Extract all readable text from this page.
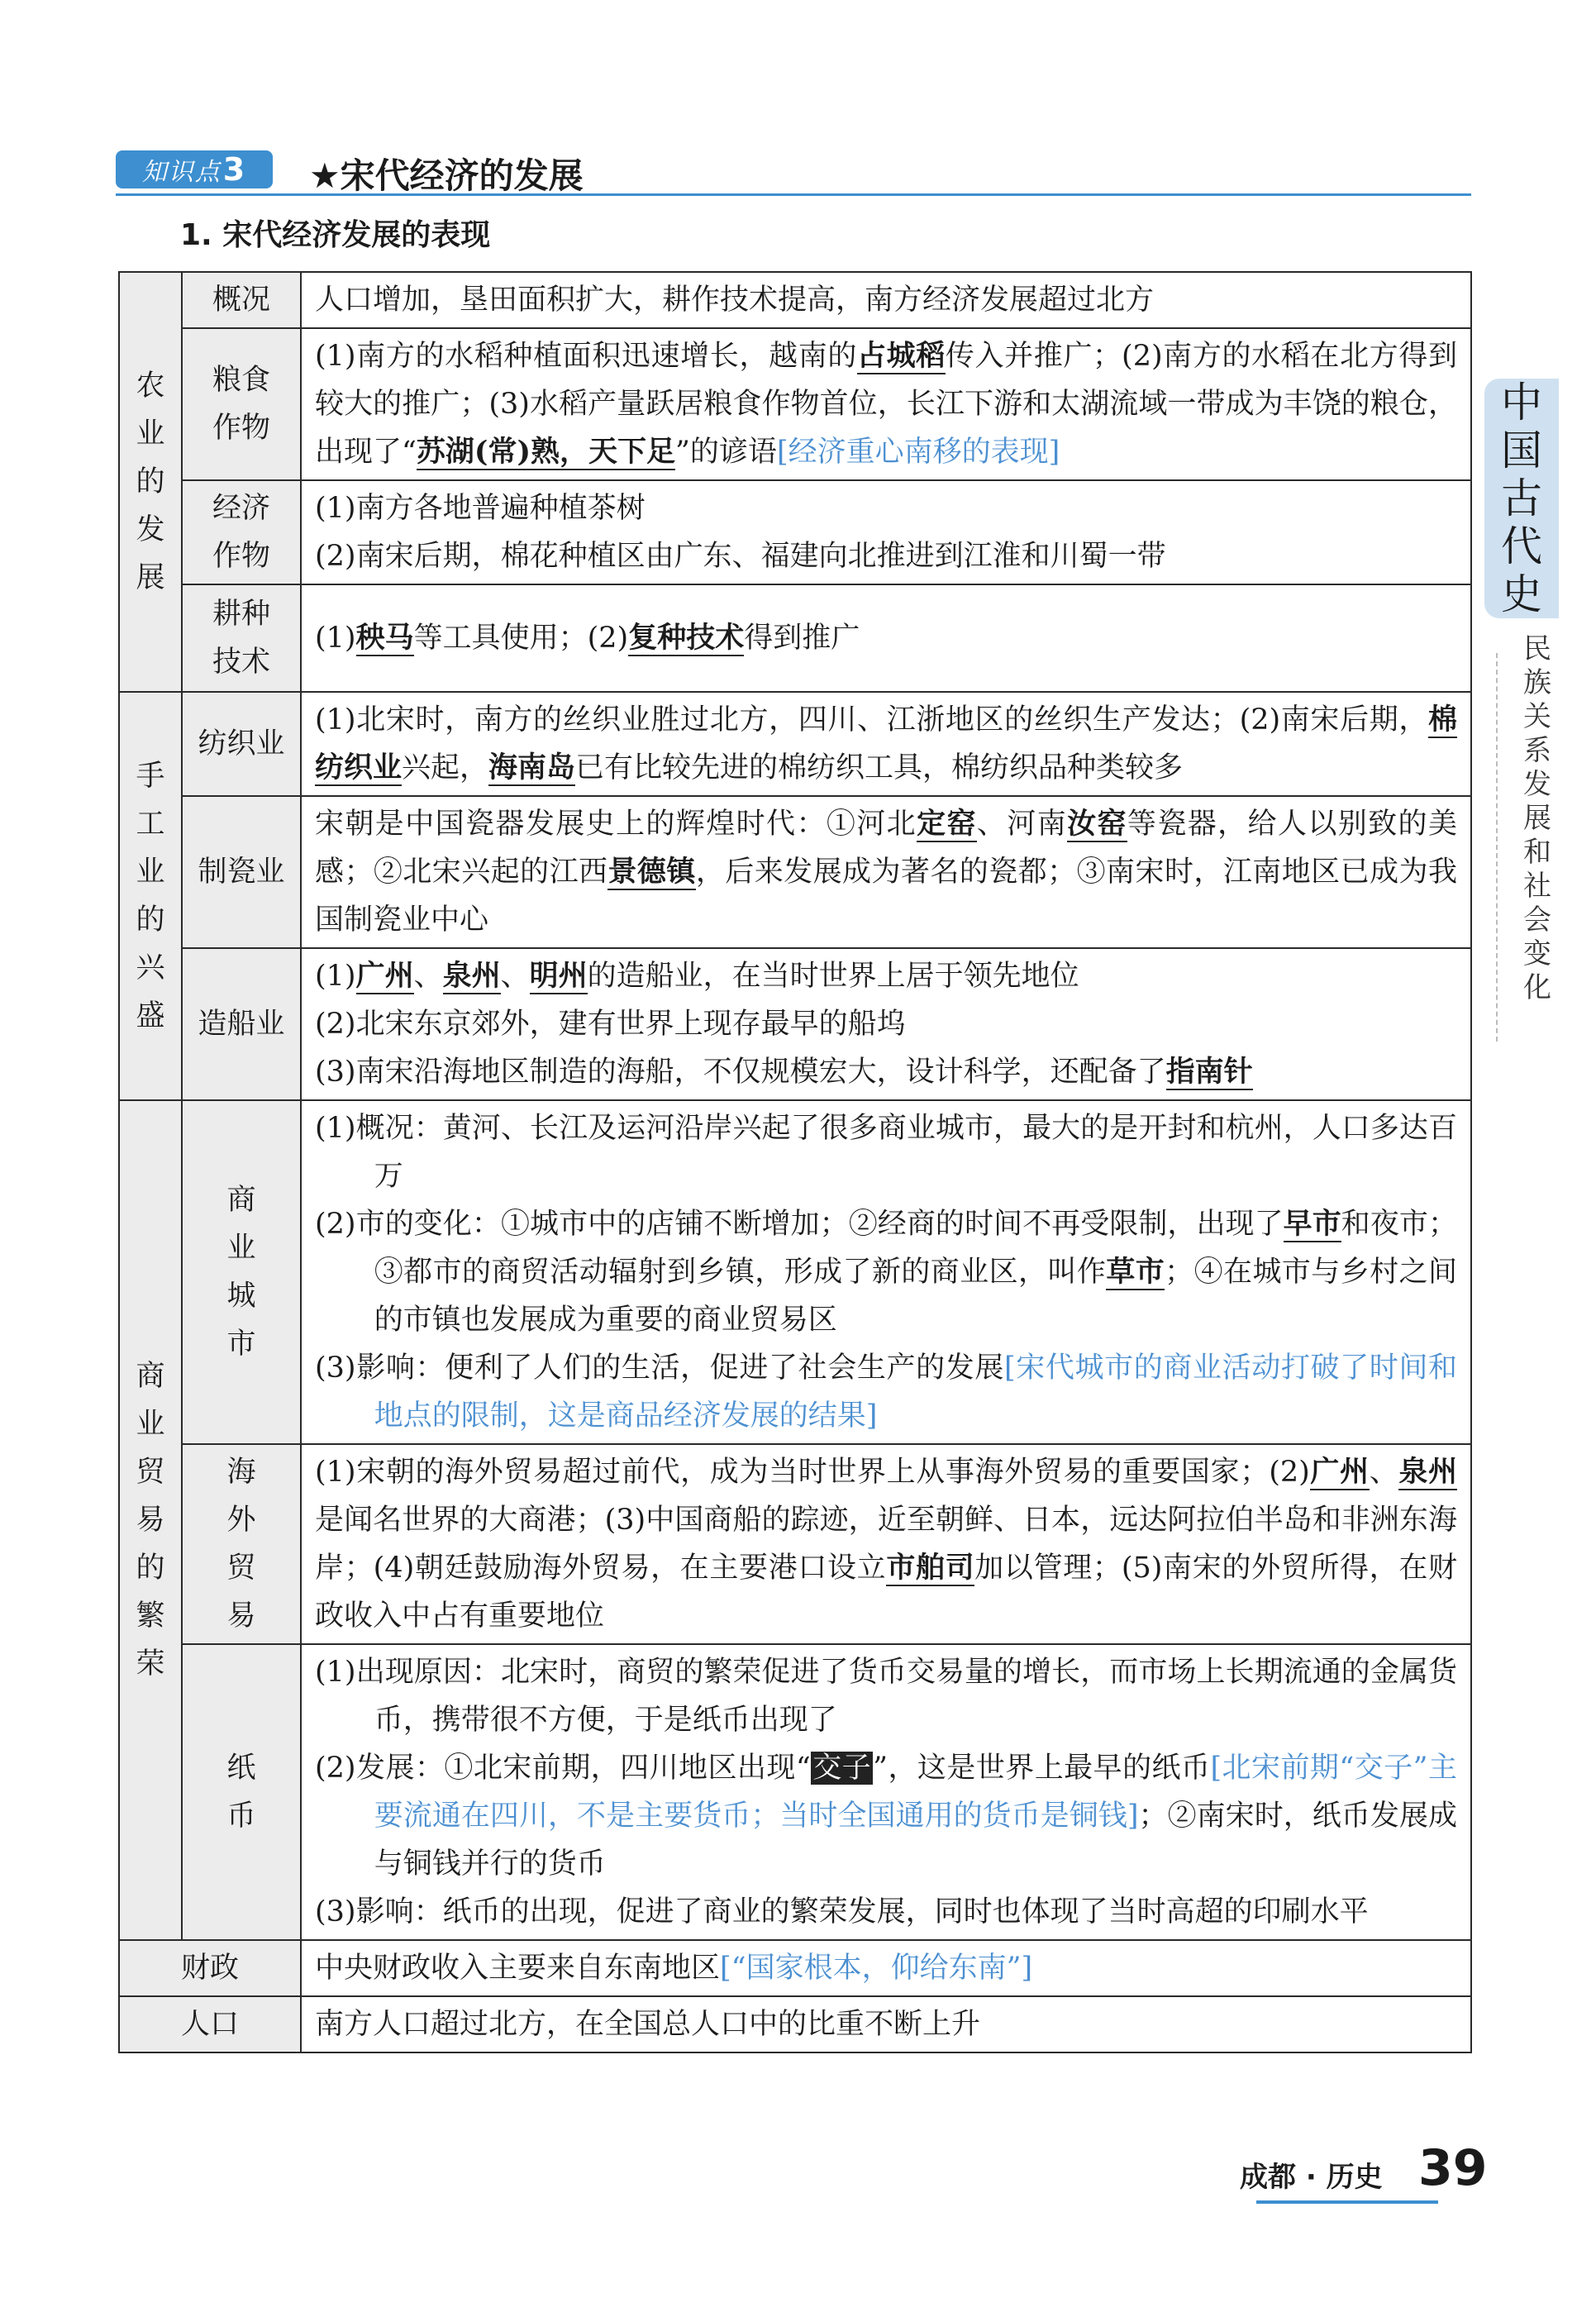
知识点 3 ★宋代经济的发展
1. 宋代经济发展的表现
农业的发展	概况	人口增加，垦田面积扩大，耕作技术提高，南方经济发展超过北方
	粮食作物	(1)南方的水稻种植面积迅速增长，越南的占城稻传入并推广；(2)南方的水稻在北方得到较大的推广；(3)水稻产量跃居粮食作物首位，长江下游和太湖流域一带成为丰饶的粮仓，出现了“苏湖(常)熟，天下足”的谚语[经济重心南移的表现]
	经济作物	(1)南方各地普遍种植茶树
(2)南宋后期，棉花种植区由广东、福建向北推进到江淮和川蜀一带

	耕种技术	(1)秧马等工具使用；(2)复种技术得到推广
手工业的兴盛	纺织业	(1)北宋时，南方的丝织业胜过北方，四川、江浙地区的丝织生产发达；(2)南宋后期，棉纺织业兴起，海南岛已有比较先进的棉纺织工具，棉纺织品种类较多
	制瓷业	宋朝是中国瓷器发展史上的辉煌时代：①河北定窑、河南汝窑等瓷器，给人以别致的美感；②北宋兴起的江西景德镇，后来发展成为著名的瓷都；③南宋时，江南地区已成为我国制瓷业中心
	造船业	(1)广州、泉州、明州的造船业，在当时世界上居于领先地位
(2)北宋东京郊外，建有世界上现存最早的船坞
(3)南宋沿海地区制造的海船，不仅规模宏大，设计科学，还配备了指南针

商业贸易的繁荣	商业城市	(1)概况：黄河、长江及运河沿岸兴起了很多商业城市，最大的是开封和杭州，人口多达百万
(2)市的变化：①城市中的店铺不断增加；②经商的时间不再受限制，出现了早市和夜市；③都市的商贸活动辐射到乡镇，形成了新的商业区，叫作草市；④在城市与乡村之间的市镇也发展成为重要的商业贸易区
(3)影响：便利了人们的生活，促进了社会生产的发展[宋代城市的商业活动打破了时间和地点的限制，这是商品经济发展的结果]

	海外贸易	(1)宋朝的海外贸易超过前代，成为当时世界上从事海外贸易的重要国家；(2)广州、泉州是闻名世界的大商港；(3)中国商船的踪迹，近至朝鲜、日本，远达阿拉伯半岛和非洲东海岸；(4)朝廷鼓励海外贸易，在主要港口设立市舶司加以管理；(5)南宋的外贸所得，在财政收入中占有重要地位
	纸币	(1)出现原因：北宋时，商贸的繁荣促进了货币交易量的增长，而市场上长期流通的金属货币，携带很不方便，于是纸币出现了
(2)发展：①北宋前期，四川地区出现“交子”，这是世界上最早的纸币[北宋前期“交子”主要流通在四川，不是主要货币；当时全国通用的货币是铜钱]；②南宋时，纸币发展成与铜钱并行的货币
(3)影响：纸币的出现，促进了商业的繁荣发展，同时也体现了当时高超的印刷水平

财政		中央财政收入主要来自东南地区[“国家根本，仰给东南”]
人口		南方人口超过北方，在全国总人口中的比重不断上升
中国古代史
民族关系发展和社会变化
成都 · 历史 39
